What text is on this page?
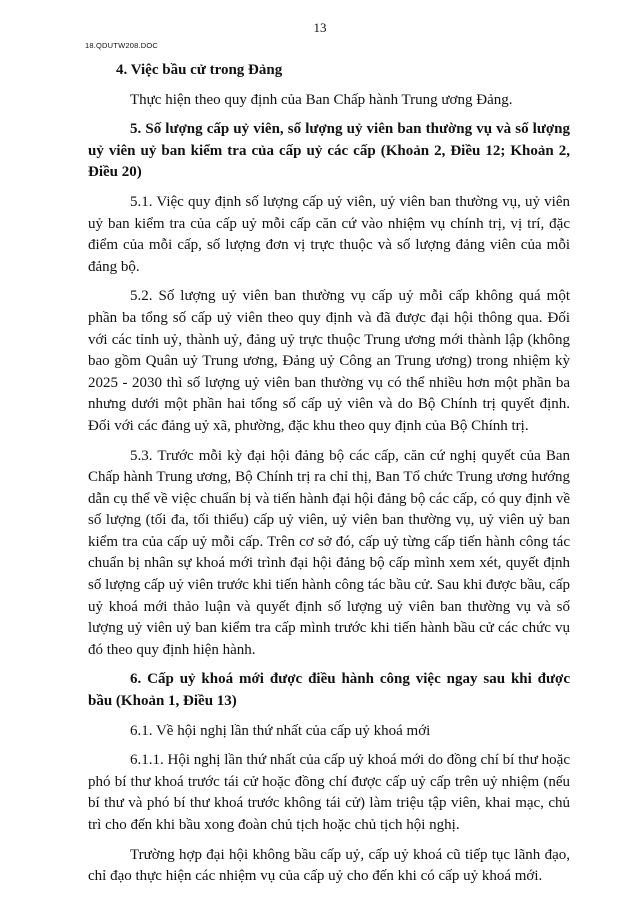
13
18.QDUTW208.DOC

4. Việc bầu cử trong Đảng

Thực hiện theo quy định của Ban Chấp hành Trung ương Đảng.

5. Số lượng cấp uỷ viên, số lượng uỷ viên ban thường vụ và số lượng uỷ viên uỷ ban kiểm tra của cấp uỷ các cấp (Khoản 2, Điều 12; Khoản 2, Điều 20)

5.1. Việc quy định số lượng cấp uỷ viên, uỷ viên ban thường vụ, uỷ viên uỷ ban kiểm tra của cấp uỷ mỗi cấp căn cứ vào nhiệm vụ chính trị, vị trí, đặc điểm của mỗi cấp, số lượng đơn vị trực thuộc và số lượng đảng viên của mỗi đảng bộ.

5.2. Số lượng uỷ viên ban thường vụ cấp uỷ mỗi cấp không quá một phần ba tổng số cấp uỷ viên theo quy định và đã được đại hội thông qua. Đối với các tỉnh uỷ, thành uỷ, đảng uỷ trực thuộc Trung ương mới thành lập (không bao gồm Quân uỷ Trung ương, Đảng uỷ Công an Trung ương) trong nhiệm kỳ 2025 - 2030 thì số lượng uỷ viên ban thường vụ có thể nhiều hơn một phần ba nhưng dưới một phần hai tổng số cấp uỷ viên và do Bộ Chính trị quyết định. Đối với các đảng uỷ xã, phường, đặc khu theo quy định của Bộ Chính trị.

5.3. Trước mỗi kỳ đại hội đảng bộ các cấp, căn cứ nghị quyết của Ban Chấp hành Trung ương, Bộ Chính trị ra chỉ thị, Ban Tổ chức Trung ương hướng dẫn cụ thể về việc chuẩn bị và tiến hành đại hội đảng bộ các cấp, có quy định về số lượng (tối đa, tối thiểu) cấp uỷ viên, uỷ viên ban thường vụ, uỷ viên uỷ ban kiểm tra của cấp uỷ mỗi cấp. Trên cơ sở đó, cấp uỷ từng cấp tiến hành công tác chuẩn bị nhân sự khoá mới trình đại hội đảng bộ cấp mình xem xét, quyết định số lượng cấp uỷ viên trước khi tiến hành công tác bầu cử. Sau khi được bầu, cấp uỷ khoá mới thảo luận và quyết định số lượng uỷ viên ban thường vụ và số lượng uỷ viên uỷ ban kiểm tra cấp mình trước khi tiến hành bầu cử các chức vụ đó theo quy định hiện hành.

6. Cấp uỷ khoá mới được điều hành công việc ngay sau khi được bầu (Khoản 1, Điều 13)

6.1. Về hội nghị lần thứ nhất của cấp uỷ khoá mới

6.1.1. Hội nghị lần thứ nhất của cấp uỷ khoá mới do đồng chí bí thư hoặc phó bí thư khoá trước tái cử hoặc đồng chí được cấp uỷ cấp trên uỷ nhiệm (nếu bí thư và phó bí thư khoá trước không tái cử) làm triệu tập viên, khai mạc, chủ trì cho đến khi bầu xong đoàn chủ tịch hoặc chủ tịch hội nghị.

Trường hợp đại hội không bầu cấp uỷ, cấp uỷ khoá cũ tiếp tục lãnh đạo, chỉ đạo thực hiện các nhiệm vụ của cấp uỷ cho đến khi có cấp uỷ khoá mới.
